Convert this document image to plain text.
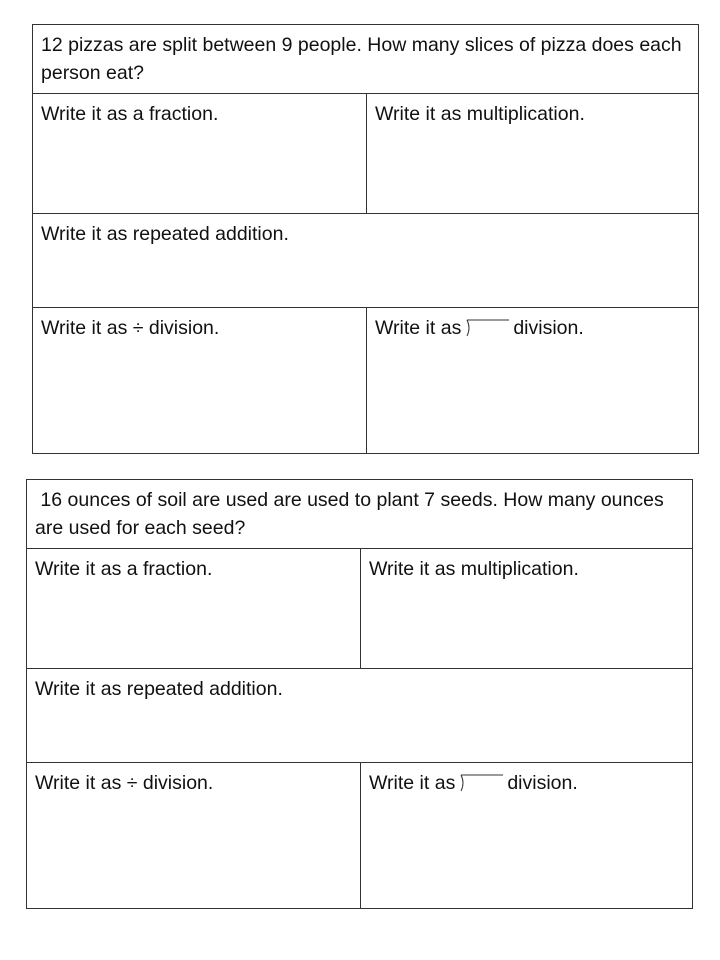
12 pizzas are split between 9 people. How many slices of pizza does each person eat?	
Write it as a fraction.	Write it as multiplication.
Write it as repeated addition.	
Write it as ÷ division.	Write it as division.
16 ounces of soil are used are used to plant 7 seeds. How many ounces are used for each seed?	
Write it as a fraction.	Write it as multiplication.
Write it as repeated addition.	
Write it as ÷ division.	Write it as division.
